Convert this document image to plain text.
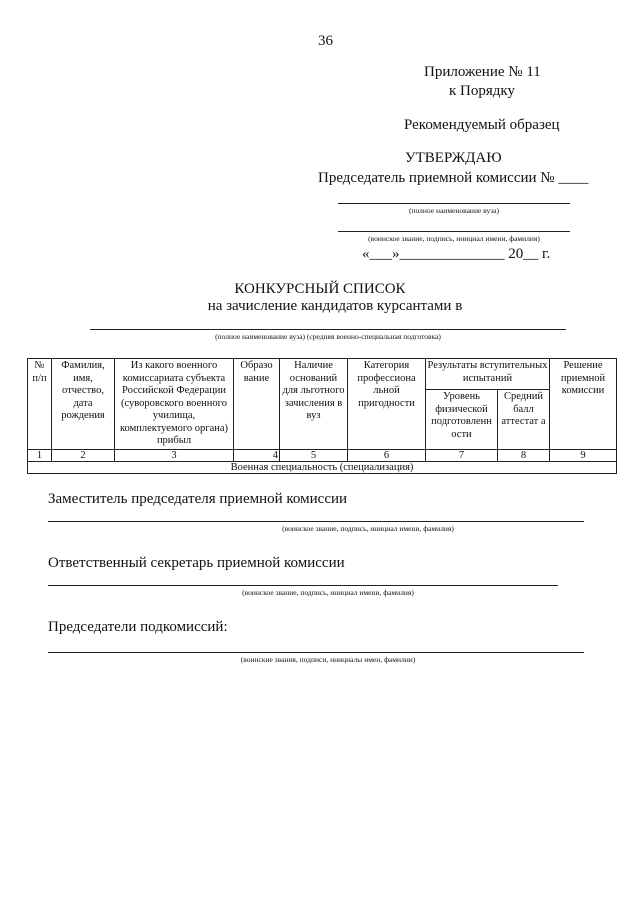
36
Приложение № 11
к Порядку
Рекомендуемый образец
УТВЕРЖДАЮ
Председатель приемной комиссии № ____
(полное наименование вуза)
(воинское звание, подпись, инициал имени, фамилия)
«___»______________ 20__ г.
КОНКУРСНЫЙ СПИСОК
на зачисление кандидатов курсантами в
(полное наименование вуза) (средняя военно-специальная подготовка)
№ п/п	Фамилия, имя, отчество, дата рождения	Из какого военного комиссариата субъекта Российской Федерации (суворовского военного училища, комплектуемого органа) прибыл	Образо вание	Наличие оснований для льготного зачисления в вуз	Категория профессиона льной пригодности	Результаты вступительных испытаний		Решение приемной комиссии
						Уровень физической подготовленн ости	Средний балл аттестат а	
1	2	3	4	5	6	7	8	9
Военная специальность (специализация)								
Заместитель председателя приемной комиссии
(воинское звание, подпись, инициал имени, фамилия)
Ответственный секретарь приемной комиссии
(воинское звание, подпись, инициал имени, фамилия)
Председатели подкомиссий:
(воинские звания, подписи, инициалы имен, фамилии)
